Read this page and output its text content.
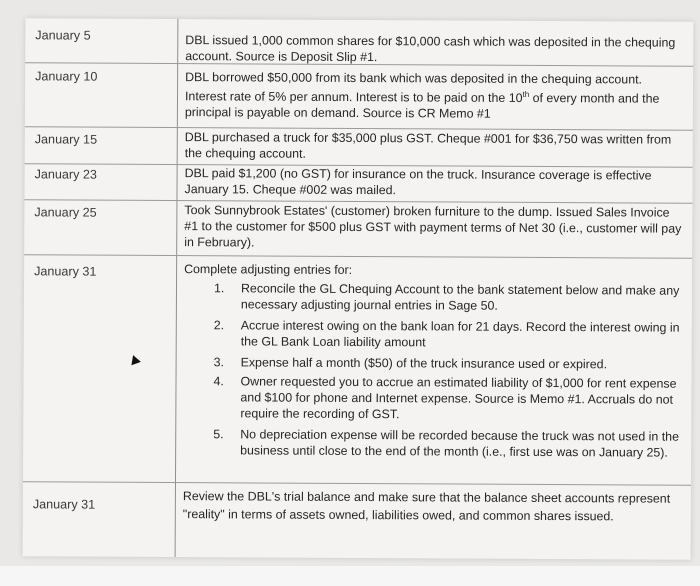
January 5	DBL issued 1,000 common shares for $10,000 cash which was deposited in the chequing account. Source is Deposit Slip #1.
January 10	DBL borrowed $50,000 from its bank which was deposited in the chequing account. Interest rate of 5% per annum. Interest is to be paid on the 10th of every month and the principal is payable on demand. Source is CR Memo #1
January 15	DBL purchased a truck for $35,000 plus GST. Cheque #001 for $36,750 was written from the chequing account.
January 23	DBL paid $1,200 (no GST) for insurance on the truck. Insurance coverage is effective January 15. Cheque #002 was mailed.
January 25	Took Sunnybrook Estates' (customer) broken furniture to the dump. Issued Sales Invoice #1 to the customer for $500 plus GST with payment terms of Net 30 (i.e., customer will pay in February).
January 31	Complete adjusting entries for:
1. Reconcile the GL Chequing Account to the bank statement below and make any necessary adjusting journal entries in Sage 50.
2. Accrue interest owing on the bank loan for 21 days. Record the interest owing in the GL Bank Loan liability amount
3. Expense half a month ($50) of the truck insurance used or expired.
4. Owner requested you to accrue an estimated liability of $1,000 for rent expense and $100 for phone and Internet expense. Source is Memo #1. Accruals do not require the recording of GST.
5. No depreciation expense will be recorded because the truck was not used in the business until close to the end of the month (i.e., first use was on January 25).
January 31	Review the DBL's trial balance and make sure that the balance sheet accounts represent "reality" in terms of assets owned, liabilities owed, and common shares issued.
